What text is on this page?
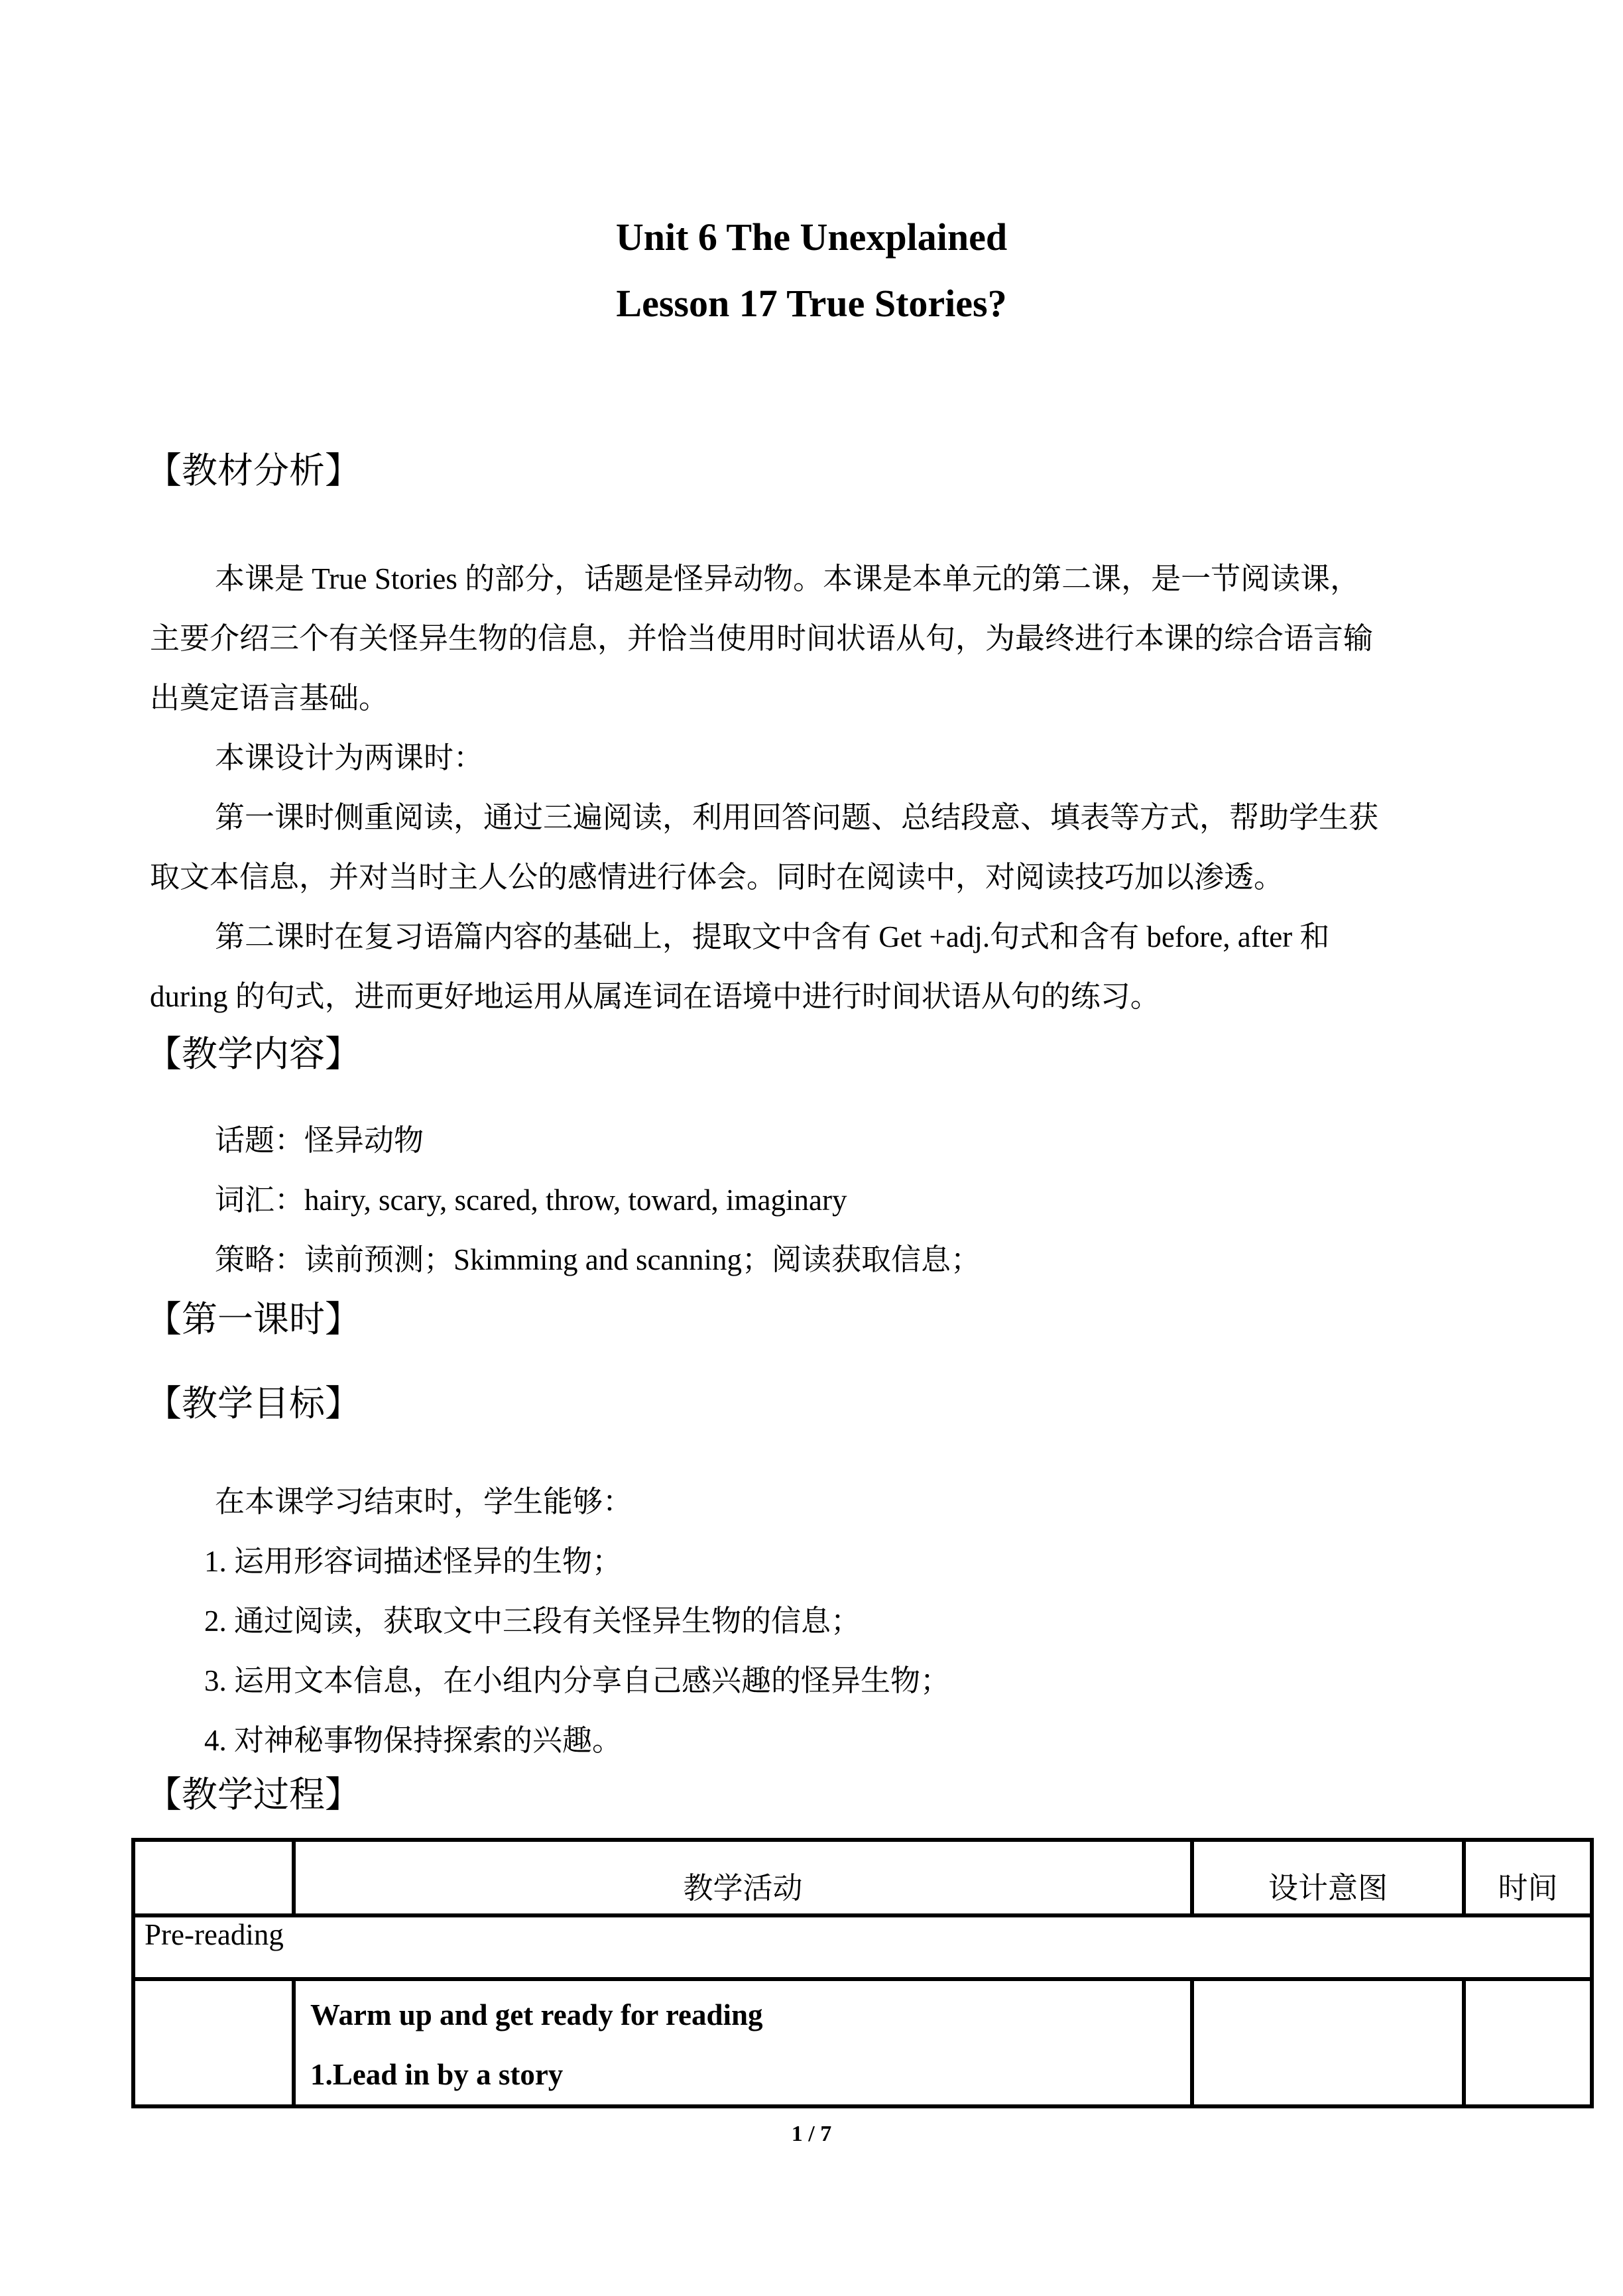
Unit 6 The Unexplained
Lesson 17 True Stories?
【教材分析】
本课是 True Stories 的部分，话题是怪异动物。本课是本单元的第二课，是一节阅读课，
主要介绍三个有关怪异生物的信息，并恰当使用时间状语从句，为最终进行本课的综合语言输
出奠定语言基础。
本课设计为两课时：
第一课时侧重阅读，通过三遍阅读，利用回答问题、总结段意、填表等方式，帮助学生获
取文本信息，并对当时主人公的感情进行体会。同时在阅读中，对阅读技巧加以渗透。
第二课时在复习语篇内容的基础上，提取文中含有 Get +adj.句式和含有 before, after 和
during 的句式，进而更好地运用从属连词在语境中进行时间状语从句的练习。
【教学内容】
话题：怪异动物
词汇：hairy, scary, scared, throw, toward, imaginary
策略：读前预测；Skimming and scanning；阅读获取信息；
【第一课时】
【教学目标】
在本课学习结束时，学生能够：
1. 运用形容词描述怪异的生物；
2. 通过阅读，获取文中三段有关怪异生物的信息；
3. 运用文本信息，在小组内分享自己感兴趣的怪异生物；
4. 对神秘事物保持探索的兴趣。
【教学过程】
	教学活动	设计意图	时间
Pre-reading			

	Warm up and get ready for reading
1.Lead in by a story		

1 / 7
